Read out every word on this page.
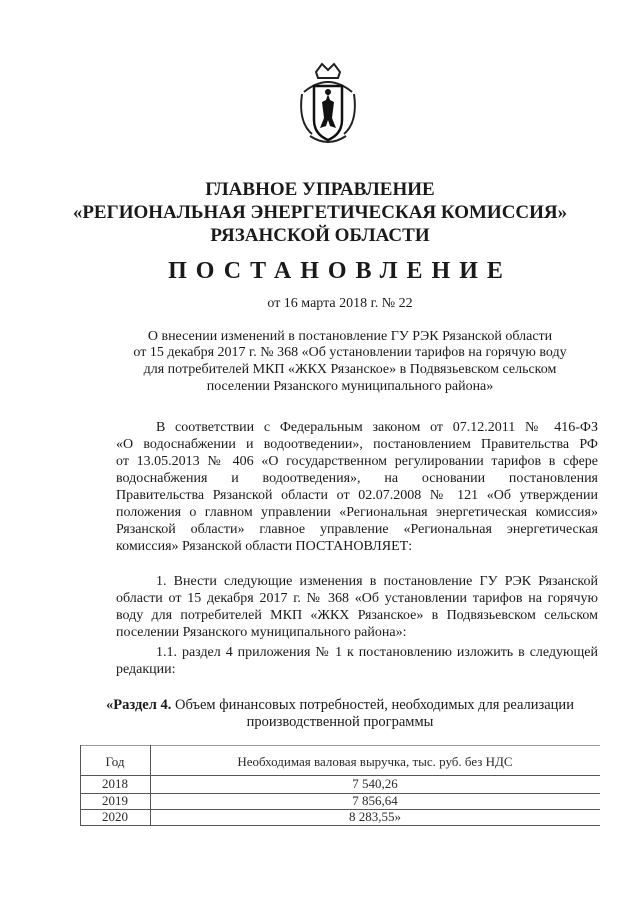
ГЛАВНОЕ УПРАВЛЕНИЕ
«РЕГИОНАЛЬНАЯ ЭНЕРГЕТИЧЕСКАЯ КОМИССИЯ»
РЯЗАНСКОЙ ОБЛАСТИ
ПОСТАНОВЛЕНИЕ
от 16 марта 2018 г. № 22
О внесении изменений в постановление ГУ РЭК Рязанской области
от 15 декабря 2017 г. № 368 «Об установлении тарифов на горячую воду
для потребителей МКП «ЖКХ Рязанское» в Подвязьевском сельском
поселении Рязанского муниципального района»
В соответствии с Федеральным законом от 07.12.2011 № 416-ФЗ
«О водоснабжении и водоотведении», постановлением Правительства РФ
от 13.05.2013 № 406 «О государственном регулировании тарифов в сфере
водоснабжения и водоотведения», на основании постановления
Правительства Рязанской области от 02.07.2008 № 121 «Об утверждении
положения о главном управлении «Региональная энергетическая комиссия»
Рязанской области» главное управление «Региональная энергетическая
комиссия» Рязанской области ПОСТАНОВЛЯЕТ:
1. Внести следующие изменения в постановление ГУ РЭК Рязанской
области от 15 декабря 2017 г. № 368 «Об установлении тарифов на горячую
воду для потребителей МКП «ЖКХ Рязанское» в Подвязьевском сельском
поселении Рязанского муниципального района»:
1.1. раздел 4 приложения № 1 к постановлению изложить в следующей
редакции:
«Раздел 4. Объем финансовых потребностей, необходимых для реализации
производственной программы
Год	Необходимая валовая выручка, тыс. руб. без НДС
2018	7 540,26
2019	7 856,64
2020	8 283,55»
